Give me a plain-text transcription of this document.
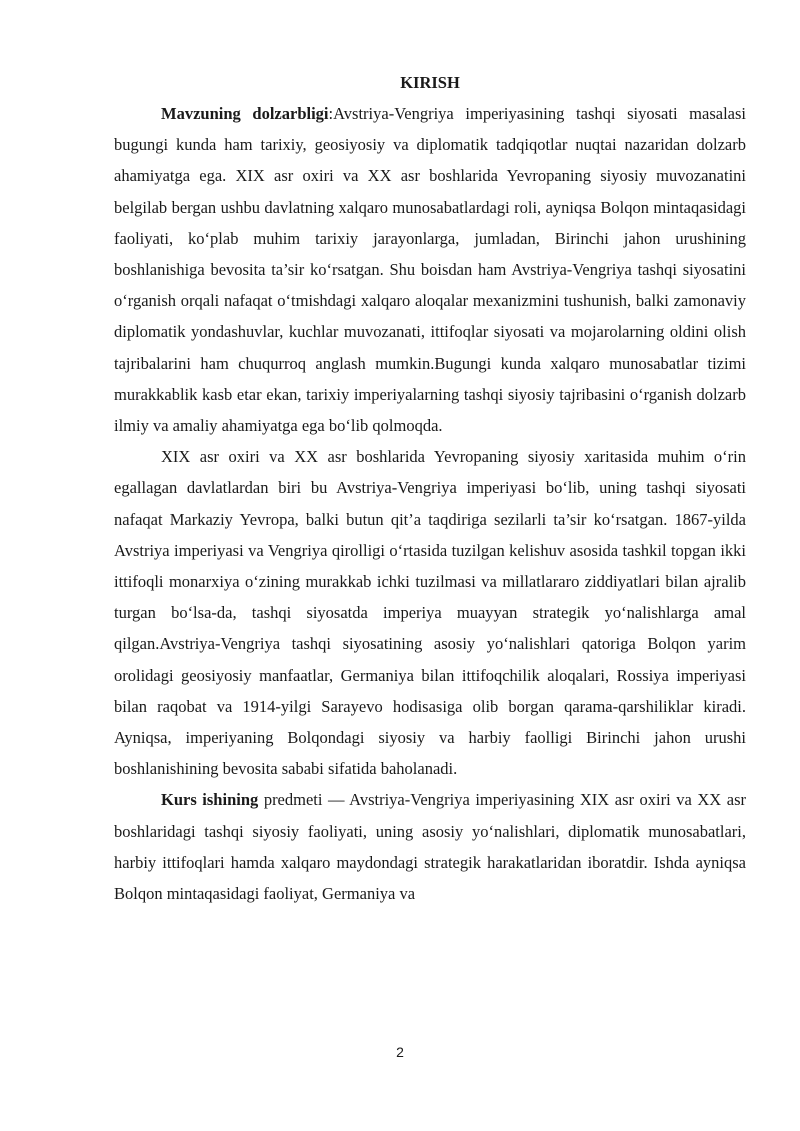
KIRISH

Mavzuning dolzarbligi:Avstriya-Vengriya imperiyasining tashqi siyosati masalasi bugungi kunda ham tarixiy, geosiyosiy va diplomatik tadqiqotlar nuqtai nazaridan dolzarb ahamiyatga ega. XIX asr oxiri va XX asr boshlarida Yevropaning siyosiy muvozanatini belgilab bergan ushbu davlatning xalqaro munosabatlardagi roli, ayniqsa Bolqon mintaqasidagi faoliyati, ko‘plab muhim tarixiy jarayonlarga, jumladan, Birinchi jahon urushining boshlanishiga bevosita ta’sir ko‘rsatgan. Shu boisdan ham Avstriya-Vengriya tashqi siyosatini o‘rganish orqali nafaqat o‘tmishdagi xalqaro aloqalar mexanizmini tushunish, balki zamonaviy diplomatik yondashuvlar, kuchlar muvozanati, ittifoqlar siyosati va mojarolarning oldini olish tajribalarini ham chuqurroq anglash mumkin.Bugungi kunda xalqaro munosabatlar tizimi murakkablik kasb etar ekan, tarixiy imperiyalarning tashqi siyosiy tajribasini o‘rganish dolzarb ilmiy va amaliy ahamiyatga ega bo‘lib qolmoqda.

XIX asr oxiri va XX asr boshlarida Yevropaning siyosiy xaritasida muhim o‘rin egallagan davlatlardan biri bu Avstriya-Vengriya imperiyasi bo‘lib, uning tashqi siyosati nafaqat Markaziy Yevropa, balki butun qit’a taqdiriga sezilarli ta’sir ko‘rsatgan. 1867-yilda Avstriya imperiyasi va Vengriya qirolligi o‘rtasida tuzilgan kelishuv asosida tashkil topgan ikki ittifoqli monarxiya o‘zining murakkab ichki tuzilmasi va millatlararo ziddiyatlari bilan ajralib turgan bo‘lsa-da, tashqi siyosatda imperiya muayyan strategik yo‘nalishlarga amal qilgan.Avstriya-Vengriya tashqi siyosatining asosiy yo‘nalishlari qatoriga Bolqon yarim orolidagi geosiyosiy manfaatlar, Germaniya bilan ittifoqchilik aloqalari, Rossiya imperiyasi bilan raqobat va 1914-yilgi Sarayevo hodisasiga olib borgan qarama-qarshiliklar kiradi. Ayniqsa, imperiyaning Bolqondagi siyosiy va harbiy faolligi Birinchi jahon urushi boshlanishining bevosita sababi sifatida baholanadi.

Kurs ishining predmeti — Avstriya-Vengriya imperiyasining XIX asr oxiri va XX asr boshlaridagi tashqi siyosiy faoliyati, uning asosiy yo‘nalishlari, diplomatik munosabatlari, harbiy ittifoqlari hamda xalqaro maydondagi strategik harakatlaridan iboratdir. Ishda ayniqsa Bolqon mintaqasidagi faoliyat, Germaniya va

2
